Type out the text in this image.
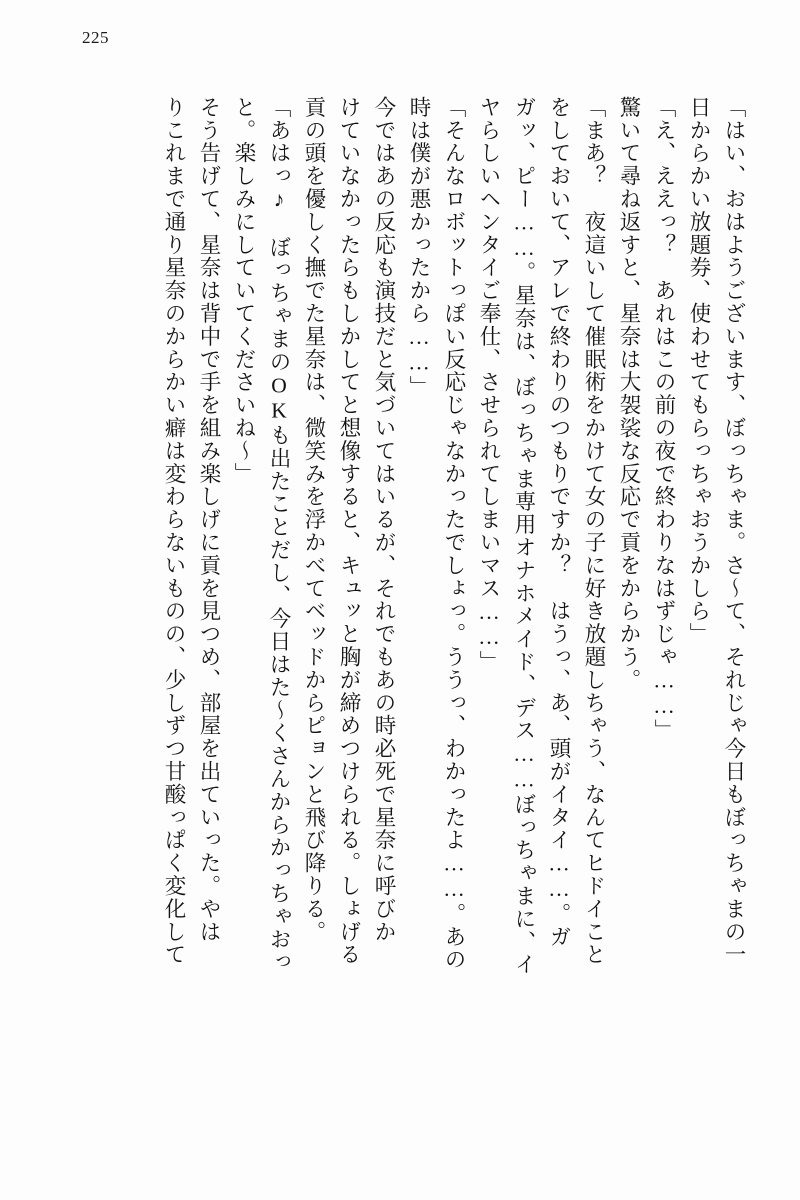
225
「はい、おはようございます、ぼっちゃま。さ〜て、それじゃ今日もぼっちゃまの一
日からかい放題券、使わせてもらっちゃおうかしら」
「え、ええっ？　あれはこの前の夜で終わりなはずじゃ……」
驚いて尋ね返すと、星奈は大袈裟な反応で貢をからかう。
「まあ？　夜這いして催眠術をかけて女の子に好き放題しちゃう、なんてヒドイこと
をしておいて、アレで終わりのつもりですか？　はうっ、あ、頭がイタイ……。ガ
ガッ、ピー……。星奈は、ぼっちゃま専用オナホメイド、デス……ぼっちゃまに、イ
ヤらしいヘンタイご奉仕、させられてしまいマス……」
「そんなロボットっぽい反応じゃなかったでしょっ。ううっ、わかったよ……。あの
時は僕が悪かったから……」
今ではあの反応も演技だと気づいてはいるが、それでもあの時必死で星奈に呼びか
けていなかったらもしかしてと想像すると、キュッと胸が締めつけられる。しょげる
貢の頭を優しく撫でた星奈は、微笑みを浮かべてベッドからピョンと飛び降りる。
「あはっ♪　ぼっちゃまのOKも出たことだし、今日はた〜くさんからかっちゃおっ
と。楽しみにしていてくださいね〜」
そう告げて、星奈は背中で手を組み楽しげに貢を見つめ、部屋を出ていった。やは
りこれまで通り星奈のからかい癖は変わらないものの、少しずつ甘酸っぱく変化して
